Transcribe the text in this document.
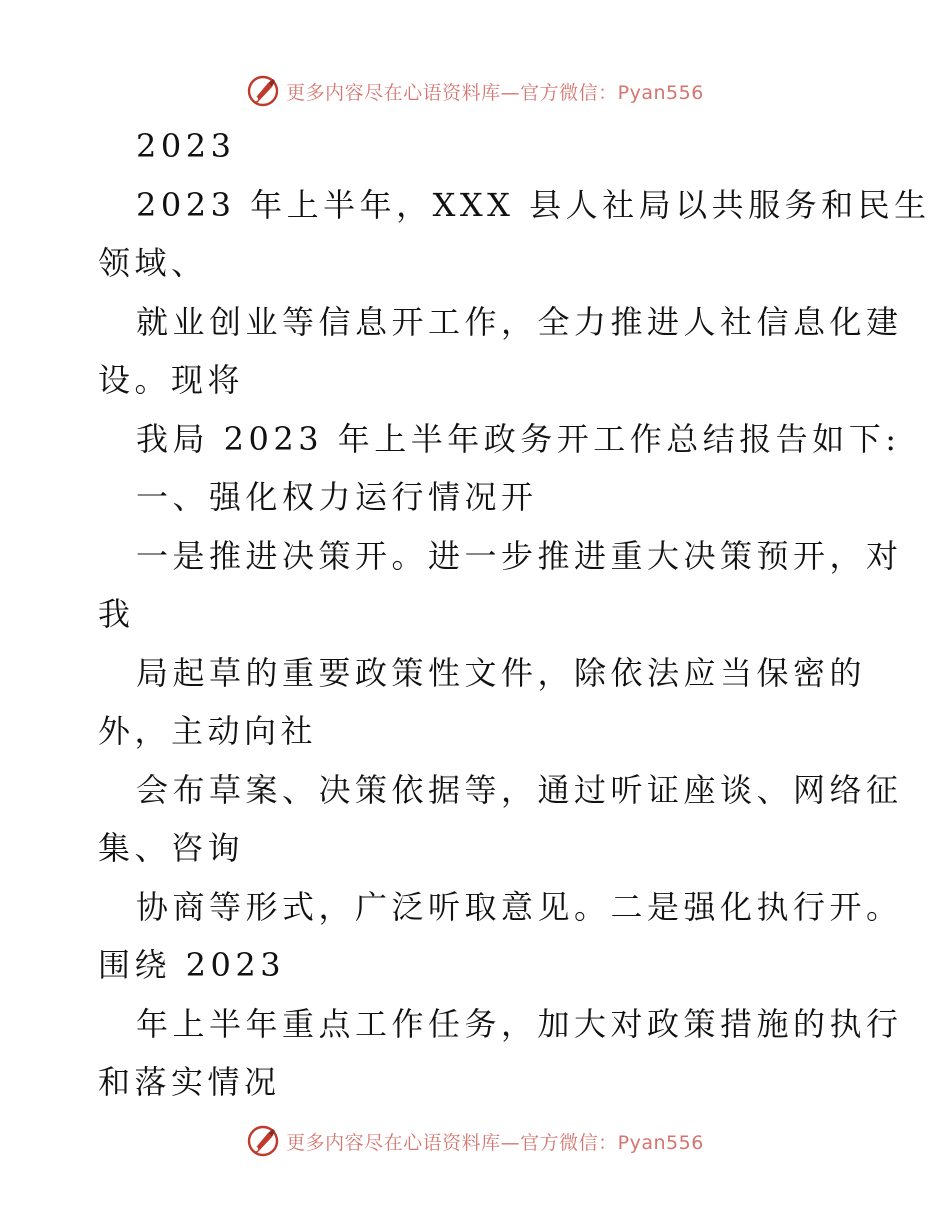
更多内容尽在心语资料库—官方微信：Pyan556
2023
2023 年上半年，XXX 县人社局以共服务和民生
领域、
就业创业等信息开工作，全力推进人社信息化建
设。现将
我局 2023 年上半年政务开工作总结报告如下:
一、强化权力运行情况开
一是推进决策开。进一步推进重大决策预开，对
我
局起草的重要政策性文件，除依法应当保密的
外，主动向社
会布草案、决策依据等，通过听证座谈、网络征
集、咨询
协商等形式，广泛听取意见。二是强化执行开。
围绕 2023
年上半年重点工作任务，加大对政策措施的执行
和落实情况
更多内容尽在心语资料库—官方微信：Pyan556
